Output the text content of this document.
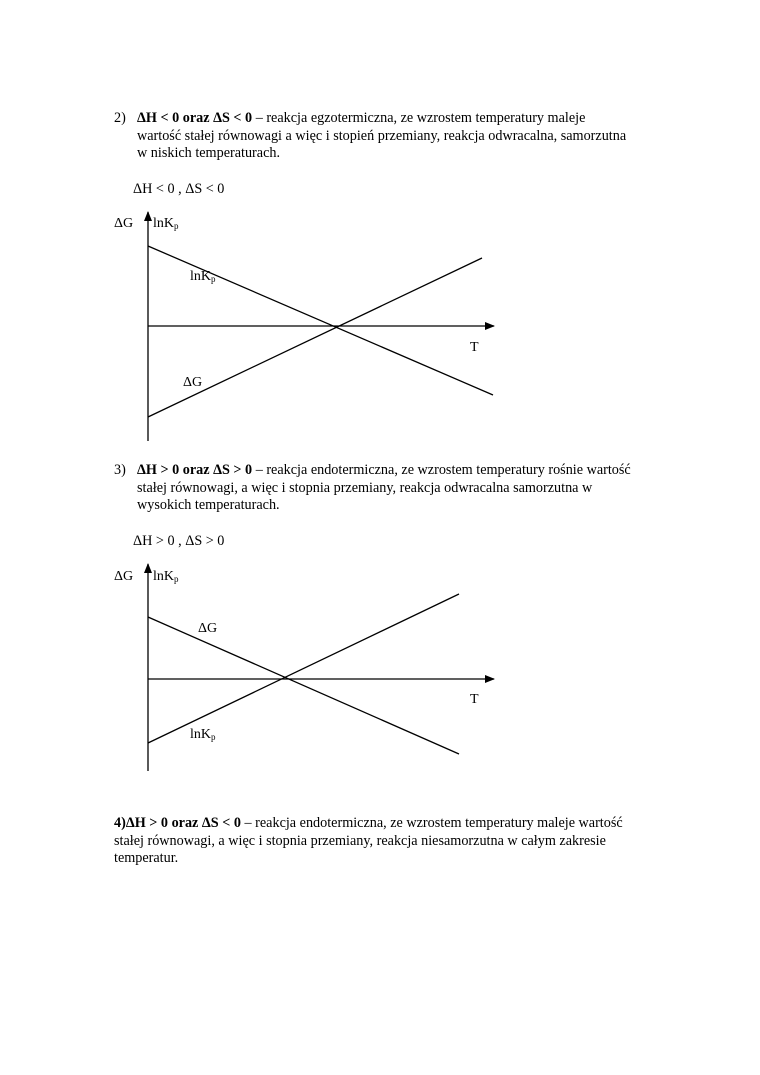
2) ΔH < 0 oraz ΔS < 0 – reakcja egzotermiczna, ze wzrostem temperatury maleje

wartość stałej równowagi a więc i stopień przemiany, reakcja odwracalna, samorzutna

w niskich temperaturach.

ΔH < 0 , ΔS < 0
ΔG lnK$_p$
lnK$_p$
T
ΔG
3) ΔH > 0 oraz ΔS > 0 – reakcja endotermiczna, ze wzrostem temperatury rośnie wartość

stałej równowagi, a więc i stopnia przemiany, reakcja odwracalna samorzutna w

wysokich temperaturach.

ΔH > 0 , ΔS > 0
ΔG lnK$_p$
ΔG
T
lnK$_p$

4)ΔH > 0 oraz ΔS < 0 – reakcja endotermiczna, ze wzrostem temperatury maleje wartość

stałej równowagi, a więc i stopnia przemiany, reakcja niesamorzutna w całym zakresie

temperatur.
